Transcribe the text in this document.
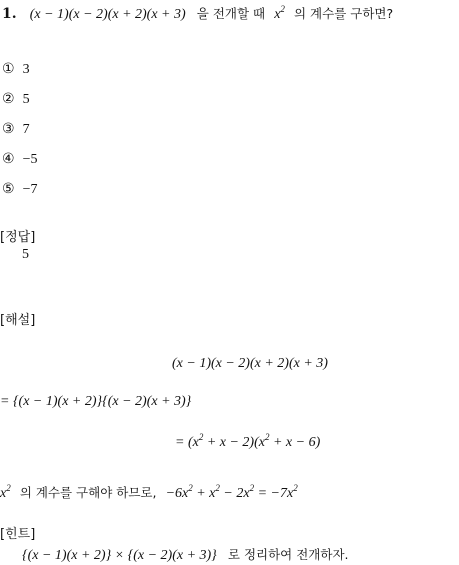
1. (x − 1)(x − 2)(x + 2)(x + 3) 을 전개할 때 $x^2$ 의 계수를 구하면?
① 3
② 5
③ 7
④ −5
⑤ −7
[정답]
5
[해설]
(x − 1)(x − 2)(x + 2)(x + 3)
= {(x − 1)(x + 2)}{(x − 2)(x + 3)}
= $(x^2 + x - 2)(x^2 + x - 6)$
$x^2$ 의 계수를 구해야 하므로, $-6x^2 + x^2 - 2x^2 = -7x^2$
[힌트]
{(x − 1)(x + 2)} × {(x − 2)(x + 3)} 로 정리하여 전개하자.
